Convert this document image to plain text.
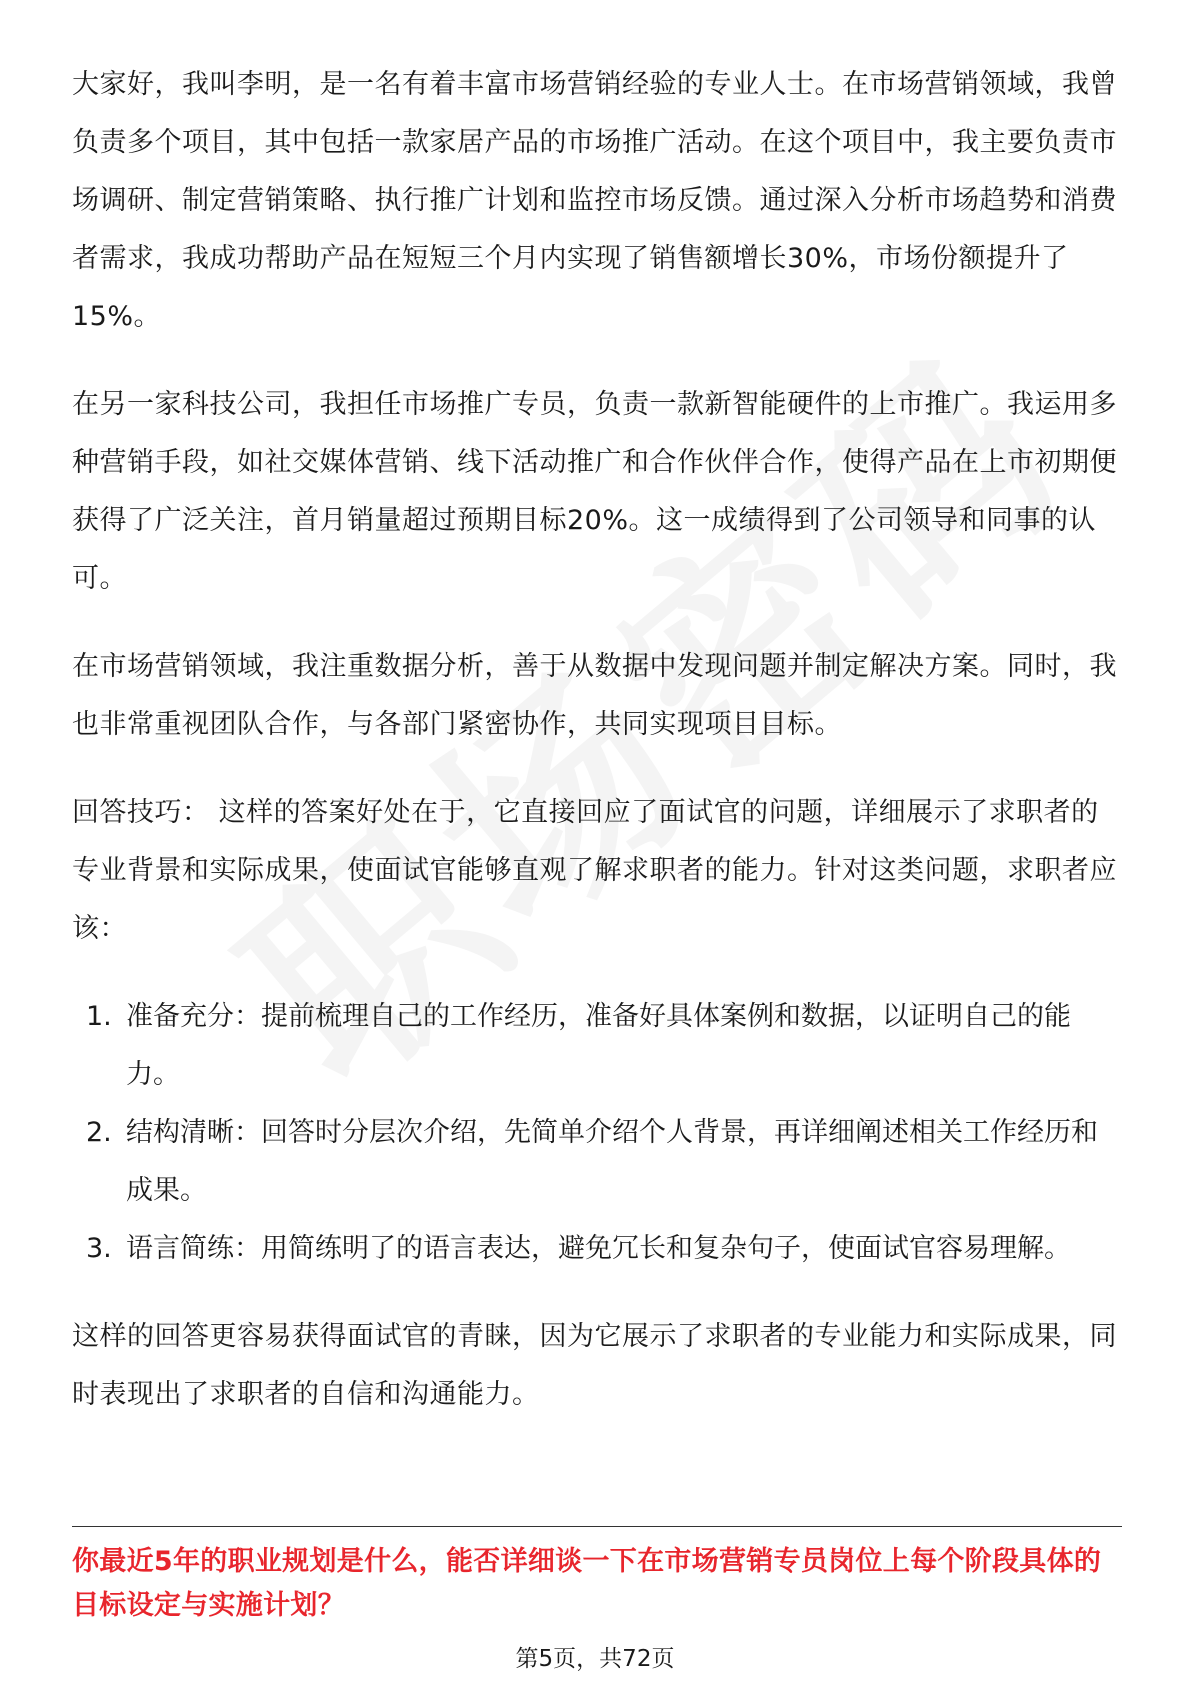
大家好，我叫李明，是一名有着丰富市场营销经验的专业人士。在市场营销领域，我曾负责多个项目，其中包括一款家居产品的市场推广活动。在这个项目中，我主要负责市场调研、制定营销策略、执行推广计划和监控市场反馈。通过深入分析市场趋势和消费者需求，我成功帮助产品在短短三个月内实现了销售额增长30%，市场份额提升了15%。

在另一家科技公司，我担任市场推广专员，负责一款新智能硬件的上市推广。我运用多种营销手段，如社交媒体营销、线下活动推广和合作伙伴合作，使得产品在上市初期便获得了广泛关注，首月销量超过预期目标20%。这一成绩得到了公司领导和同事的认可。

在市场营销领域，我注重数据分析，善于从数据中发现问题并制定解决方案。同时，我也非常重视团队合作，与各部门紧密协作，共同实现项目目标。

回答技巧： 这样的答案好处在于，它直接回应了面试官的问题，详细展示了求职者的专业背景和实际成果，使面试官能够直观了解求职者的能力。针对这类问题，求职者应该：

1. 准备充分：提前梳理自己的工作经历，准备好具体案例和数据，以证明自己的能力。
2. 结构清晰：回答时分层次介绍，先简单介绍个人背景，再详细阐述相关工作经历和成果。
3. 语言简练：用简练明了的语言表达，避免冗长和复杂句子，使面试官容易理解。

这样的回答更容易获得面试官的青睐，因为它展示了求职者的专业能力和实际成果，同时表现出了求职者的自信和沟通能力。

你最近5年的职业规划是什么，能否详细谈一下在市场营销专员岗位上每个阶段具体的目标设定与实施计划？
第5页，共72页
